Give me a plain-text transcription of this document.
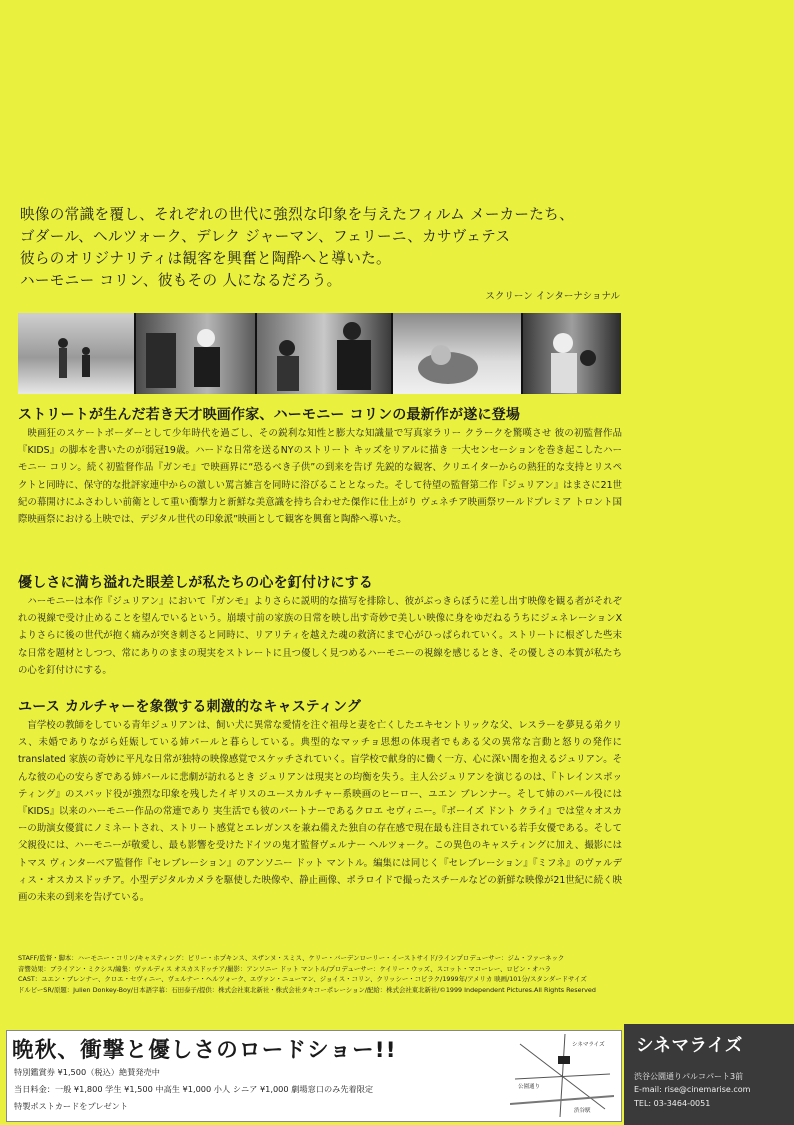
映像の常識を覆し、それぞれの世代に強烈な印象を与えたフィルム メーカーたち、
ゴダール、ヘルツォーク、デレク ジャーマン、フェリーニ、カサヴェテス
彼らのオリジナリティは観客を興奮と陶酔へと導いた。
ハーモニー コリン、彼もその 人になるだろう。
スクリーン インターナショナル
ストリートが生んだ若き天才映画作家、ハーモニー コリンの最新作が遂に登場

映画狂のスケートボーダーとして少年時代を過ごし、その鋭利な知性と膨大な知識量で写真家ラリー クラークを驚嘆させ 彼の初監督作品『KIDS』の脚本を書いたのが弱冠19歳。ハードな日常を送るNYのストリート キッズをリアルに描き 一大センセーションを巻き起こしたハーモニー コリン。続く初監督作品『ガンモ』で映画界に“恐るべき子供”の到来を告げ 先鋭的な観客、クリエイターからの熱狂的な支持とリスペクトと同時に、保守的な批評家連中からの激しい罵言雑言を同時に浴びることとなった。そして待望の監督第二作『ジュリアン』はまさに21世紀の幕開けにふさわしい前衛として重い衝撃力と新鮮な美意識を持ち合わせた傑作に仕上がり ヴェネチア映画祭ワールドプレミア トロント国際映画祭における上映では、デジタル世代の印象派”映画として観客を興奮と陶酔へ導いた。

優しさに満ち溢れた眼差しが私たちの心を釘付けにする

ハーモニーは本作『ジュリアン』において『ガンモ』よりさらに説明的な描写を排除し、彼がぶっきらぼうに差し出す映像を観る者がそれぞれの視線で受け止めることを望んでいるという。崩壊寸前の家族の日常を映し出す奇妙で美しい映像に身をゆだねるうちにジェネレーションXよりさらに後の世代が抱く痛みが突き刺さると同時に、リアリティを越えた魂の救済にまで心がひっぱられていく。ストリートに根ざした些末な日常を題材としつつ、常にありのままの現実をストレートに且つ優しく見つめるハーモニーの視線を感じるとき、その優しさの本質が私たちの心を釘付けにする。

ユース カルチャーを象徴する刺激的なキャスティング

盲学校の教師をしている青年ジュリアンは、飼い犬に異常な愛情を注ぐ祖母と妻を亡くしたエキセントリックな父、レスラーを夢見る弟クリス、未婚でありながら妊娠している姉パールと暮らしている。典型的なマッチョ思想の体現者でもある父の異常な言動と怒りの発作に translated 家族の奇妙に平凡な日常が独特の映像感覚でスケッチされていく。盲学校で献身的に働く一方、心に深い闇を抱えるジュリアン。そんな彼の心の安らぎである姉パールに悲劇が訪れるとき ジュリアンは現実との均衡を失う。主人公ジュリアンを演じるのは、『トレインスポッティング』のスパッド役が強烈な印象を残したイギリスのユースカルチャー系映画のヒーロー、ユエン ブレンナー。そして姉のパール役には『KIDS』以来のハーモニー作品の常連であり 実生活でも彼のパートナーであるクロエ セヴィニー。『ボーイズ ドント クライ』では堂々オスカーの助演女優賞にノミネートされ、ストリート感覚とエレガンスを兼ね備えた独自の存在感で現在最も注目されている若手女優である。そして父親役には、ハーモニーが敬愛し、最も影響を受けたドイツの鬼才監督ヴェルナー ヘルツォーク。この異色のキャスティングに加え、撮影にはトマス ヴィンターベア監督作『セレブレーション』のアンソニー ドット マントル。編集には同じく『セレブレーション』『ミフネ』のヴァルディス・オスカスドッチア。小型デジタルカメラを駆使した映像や、静止画像、ポラロイドで撮ったスチールなどの新鮮な映像が21世紀に続く映画の未来の到来を告げている。

STAFF/監督・脚本：ハーモニー・コリン/キャスティング：ビリー・ホプキンス、スザンヌ・スミス、ケリー・バーデンローリー・イーストサイド/ラインプロデューサー：ジム・ファーネック
音響効果：ブライアン・ミクシス/編集：ヴァルディス オスカスドッチア/撮影：アンソニー ドット マントル/プロデューサー：ケイリー・ウッズ、スコット・マコーレー、ロビン・オハラ
CAST：ユエン・ブレンナー、クロエ・セヴィニー、ヴェルナー・ヘルツォーク、エヴァン・ニューマン、ジョイス・コリン、クリッシー・コビラク/1999年/アメリカ 映画/101分/スタンダードサイズ
ドルビーSR/原題：Julien Donkey-Boy/日本語字幕：石田泰子/提供：株式会社東北新社・株式会社タキコーポレーション/配給：株式会社東北新社/©1999 Independent Pictures.All Rights Reserved
晩秋、衝撃と優しさのロードショー!!
特別鑑賞券 ¥1,500（税込）絶賛発売中
当日料金：一般 ¥1,800 学生 ¥1,500 中高生 ¥1,000 小人 シニア ¥1,000 劇場窓口のみ先着限定
特製ポストカードをプレゼント
シネマライズ
公園通り
渋谷駅
シネマライズ
渋谷公園通りパルコパート3前
E-mail: rise@cinemarise.com
TEL: 03-3464-0051
